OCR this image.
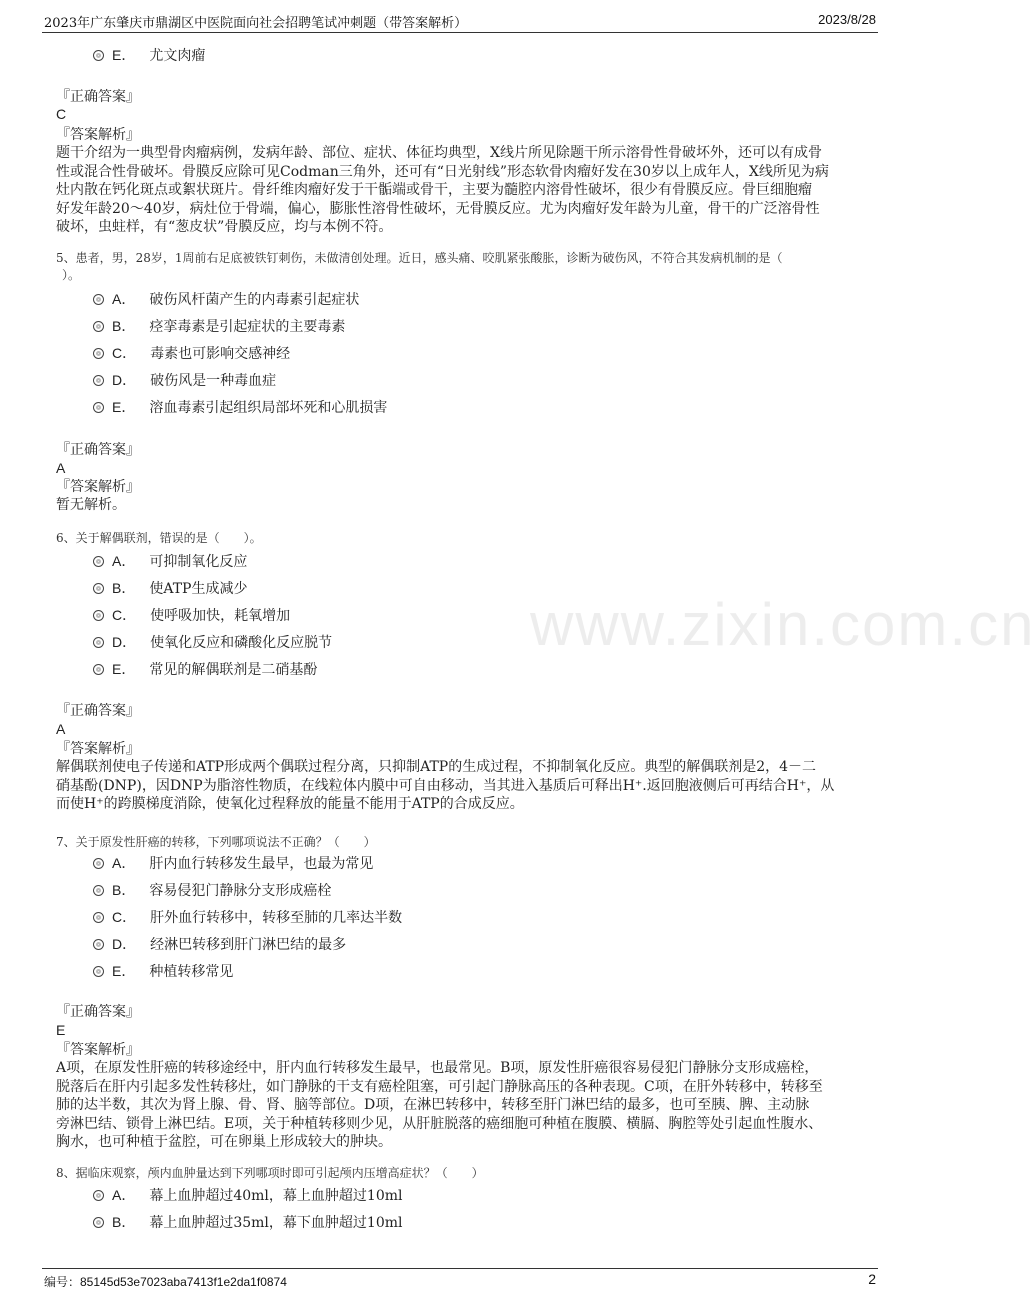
2023年广东肇庆市鼎湖区中医院面向社会招聘笔试冲刺题（带答案解析）	2023/8/28
www.zixin.com.cn
E． 尤文肉瘤
『正确答案』
C
『答案解析』

题干介绍为一典型骨肉瘤病例，发病年龄、部位、症状、体征均典型，X线片所见除题干所示溶骨性骨破坏外，还可以有成骨

性或混合性骨破坏。骨膜反应除可见Codman三角外，还可有“日光射线”形态软骨肉瘤好发在30岁以上成年人，X线所见为病

灶内散在钙化斑点或絮状斑片。骨纤维肉瘤好发于干骺端或骨干，主要为髓腔内溶骨性破坏，很少有骨膜反应。骨巨细胞瘤

好发年龄20～40岁，病灶位于骨端，偏心，膨胀性溶骨性破坏，无骨膜反应。尤为肉瘤好发年龄为儿童，骨干的广泛溶骨性

破坏，虫蛀样，有“葱皮状”骨膜反应，均与本例不符。

5、患者，男，28岁，1周前右足底被铁钉刺伤，未做清创处理。近日，感头痛、咬肌紧张酸胀，诊断为破伤风，不符合其发病机制的是（

）。

A． 破伤风杆菌产生的内毒素引起症状
B． 痉挛毒素是引起症状的主要毒素
C． 毒素也可影响交感神经
D． 破伤风是一种毒血症
E． 溶血毒素引起组织局部坏死和心肌损害
『正确答案』
A
『答案解析』

暂无解析。

6、关于解偶联剂，错误的是（　　）。

A． 可抑制氧化反应
B． 使ATP生成减少
C． 使呼吸加快，耗氧增加
D． 使氧化反应和磷酸化反应脱节
E． 常见的解偶联剂是二硝基酚
『正确答案』
A
『答案解析』

解偶联剂使电子传递和ATP形成两个偶联过程分离，只抑制ATP的生成过程，不抑制氧化反应。典型的解偶联剂是2，4－二

硝基酚(DNP)，因DNP为脂溶性物质，在线粒体内膜中可自由移动，当其进入基质后可释出H⁺.返回胞液侧后可再结合H⁺，从

而使H⁺的跨膜梯度消除，使氧化过程释放的能量不能用于ATP的合成反应。

7、关于原发性肝癌的转移，下列哪项说法不正确？（　　）

A． 肝内血行转移发生最早，也最为常见
B． 容易侵犯门静脉分支形成癌栓
C． 肝外血行转移中，转移至肺的几率达半数
D． 经淋巴转移到肝门淋巴结的最多
E． 种植转移常见
『正确答案』
E
『答案解析』

A项，在原发性肝癌的转移途经中，肝内血行转移发生最早，也最常见。B项，原发性肝癌很容易侵犯门静脉分支形成癌栓，

脱落后在肝内引起多发性转移灶，如门静脉的干支有癌栓阻塞，可引起门静脉高压的各种表现。C项，在肝外转移中，转移至

肺的达半数，其次为肾上腺、骨、肾、脑等部位。D项，在淋巴转移中，转移至肝门淋巴结的最多，也可至胰、脾、主动脉

旁淋巴结、锁骨上淋巴结。E项，关于种植转移则少见，从肝脏脱落的癌细胞可种植在腹膜、横膈、胸腔等处引起血性腹水、

胸水，也可种植于盆腔，可在卵巢上形成较大的肿块。

8、据临床观察，颅内血肿量达到下列哪项时即可引起颅内压增高症状？（　　）

A． 幕上血肿超过40ml，幕上血肿超过10ml
B． 幕上血肿超过35ml，幕下血肿超过10ml
编号：85145d53e7023aba7413f1e2da1f0874	2
